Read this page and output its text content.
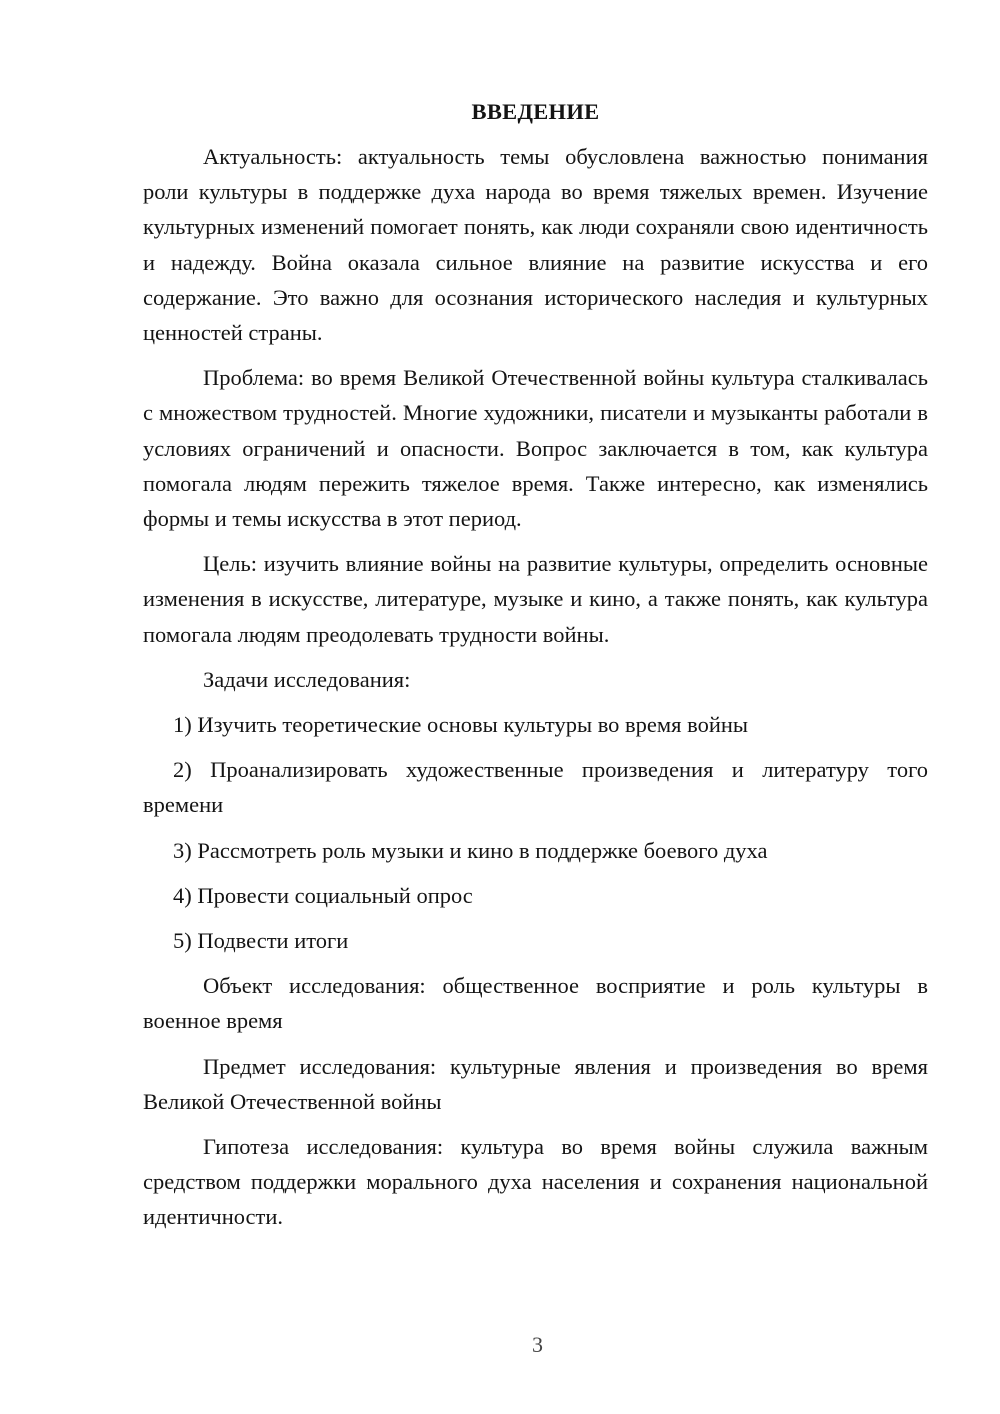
ВВЕДЕНИЕ

Актуальность: актуальность темы обусловлена важностью понимания роли культуры в поддержке духа народа во время тяжелых времен. Изучение культурных изменений помогает понять, как люди сохраняли свою идентичность и надежду. Война оказала сильное влияние на развитие искусства и его содержание. Это важно для осознания исторического наследия и культурных ценностей страны.

Проблема: во время Великой Отечественной войны культура сталкивалась с множеством трудностей. Многие художники, писатели и музыканты работали в условиях ограничений и опасности. Вопрос заключается в том, как культура помогала людям пережить тяжелое время. Также интересно, как изменялись формы и темы искусства в этот период.

Цель: изучить влияние войны на развитие культуры, определить основные изменения в искусстве, литературе, музыке и кино, а также понять, как культура помогала людям преодолевать трудности войны.

Задачи исследования:

1) Изучить теоретические основы культуры во время войны

2) Проанализировать художественные произведения и литературу того времени

3) Рассмотреть роль музыки и кино в поддержке боевого духа

4) Провести социальный опрос

5) Подвести итоги

Объект исследования: общественное восприятие и роль культуры в военное время

Предмет исследования: культурные явления и произведения во время Великой Отечественной войны

Гипотеза исследования: культура во время войны служила важным средством поддержки морального духа населения и сохранения национальной идентичности.

3
